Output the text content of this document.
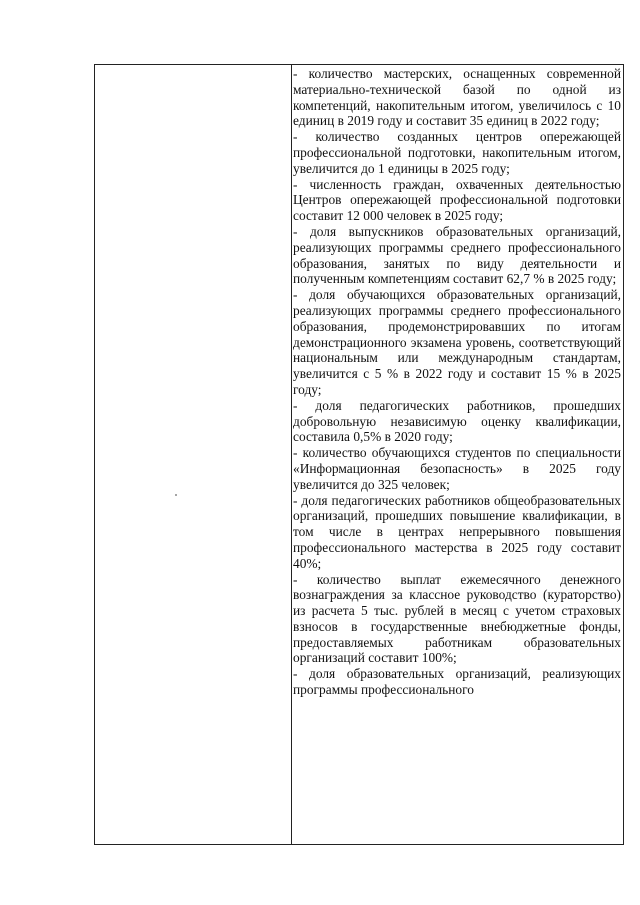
- количество мастерских, оснащенных современной материально-технической базой по одной из компетенций, накопительным итогом, увеличилось с 10 единиц в 2019 году и составит 35 единиц в 2022 году;

- количество созданных центров опережающей профессиональной подготовки, накопительным итогом, увеличится до 1 единицы в 2025 году;

- численность граждан, охваченных деятельностью Центров опережающей профессиональной подготовки составит 12 000 человек в 2025 году;

- доля выпускников образовательных организаций, реализующих программы среднего профессионального образования, занятых по виду деятельности и полученным компетенциям составит 62,7 % в 2025 году;

- доля обучающихся образовательных организаций, реализующих программы среднего профессионального образования, продемонстрировавших по итогам демонстрационного экзамена уровень, соответствующий национальным или международным стандартам, увеличится с 5 % в 2022 году и составит 15 % в 2025 году;

- доля педагогических работников, прошедших добровольную независимую оценку квалификации, составила 0,5% в 2020 году;

- количество обучающихся студентов по специальности «Информационная безопасность» в 2025 году увеличится до 325 человек;

- доля педагогических работников общеобразовательных организаций, прошедших повышение квалификации, в том числе в центрах непрерывного повышения профессионального мастерства в 2025 году составит 40%;

- количество выплат ежемесячного денежного вознаграждения за классное руководство (кураторство) из расчета 5 тыс. рублей в месяц с учетом страховых взносов в государственные внебюджетные фонды, предоставляемых работникам образовательных организаций составит 100%;

- доля образовательных организаций, реализующих программы профессионального
